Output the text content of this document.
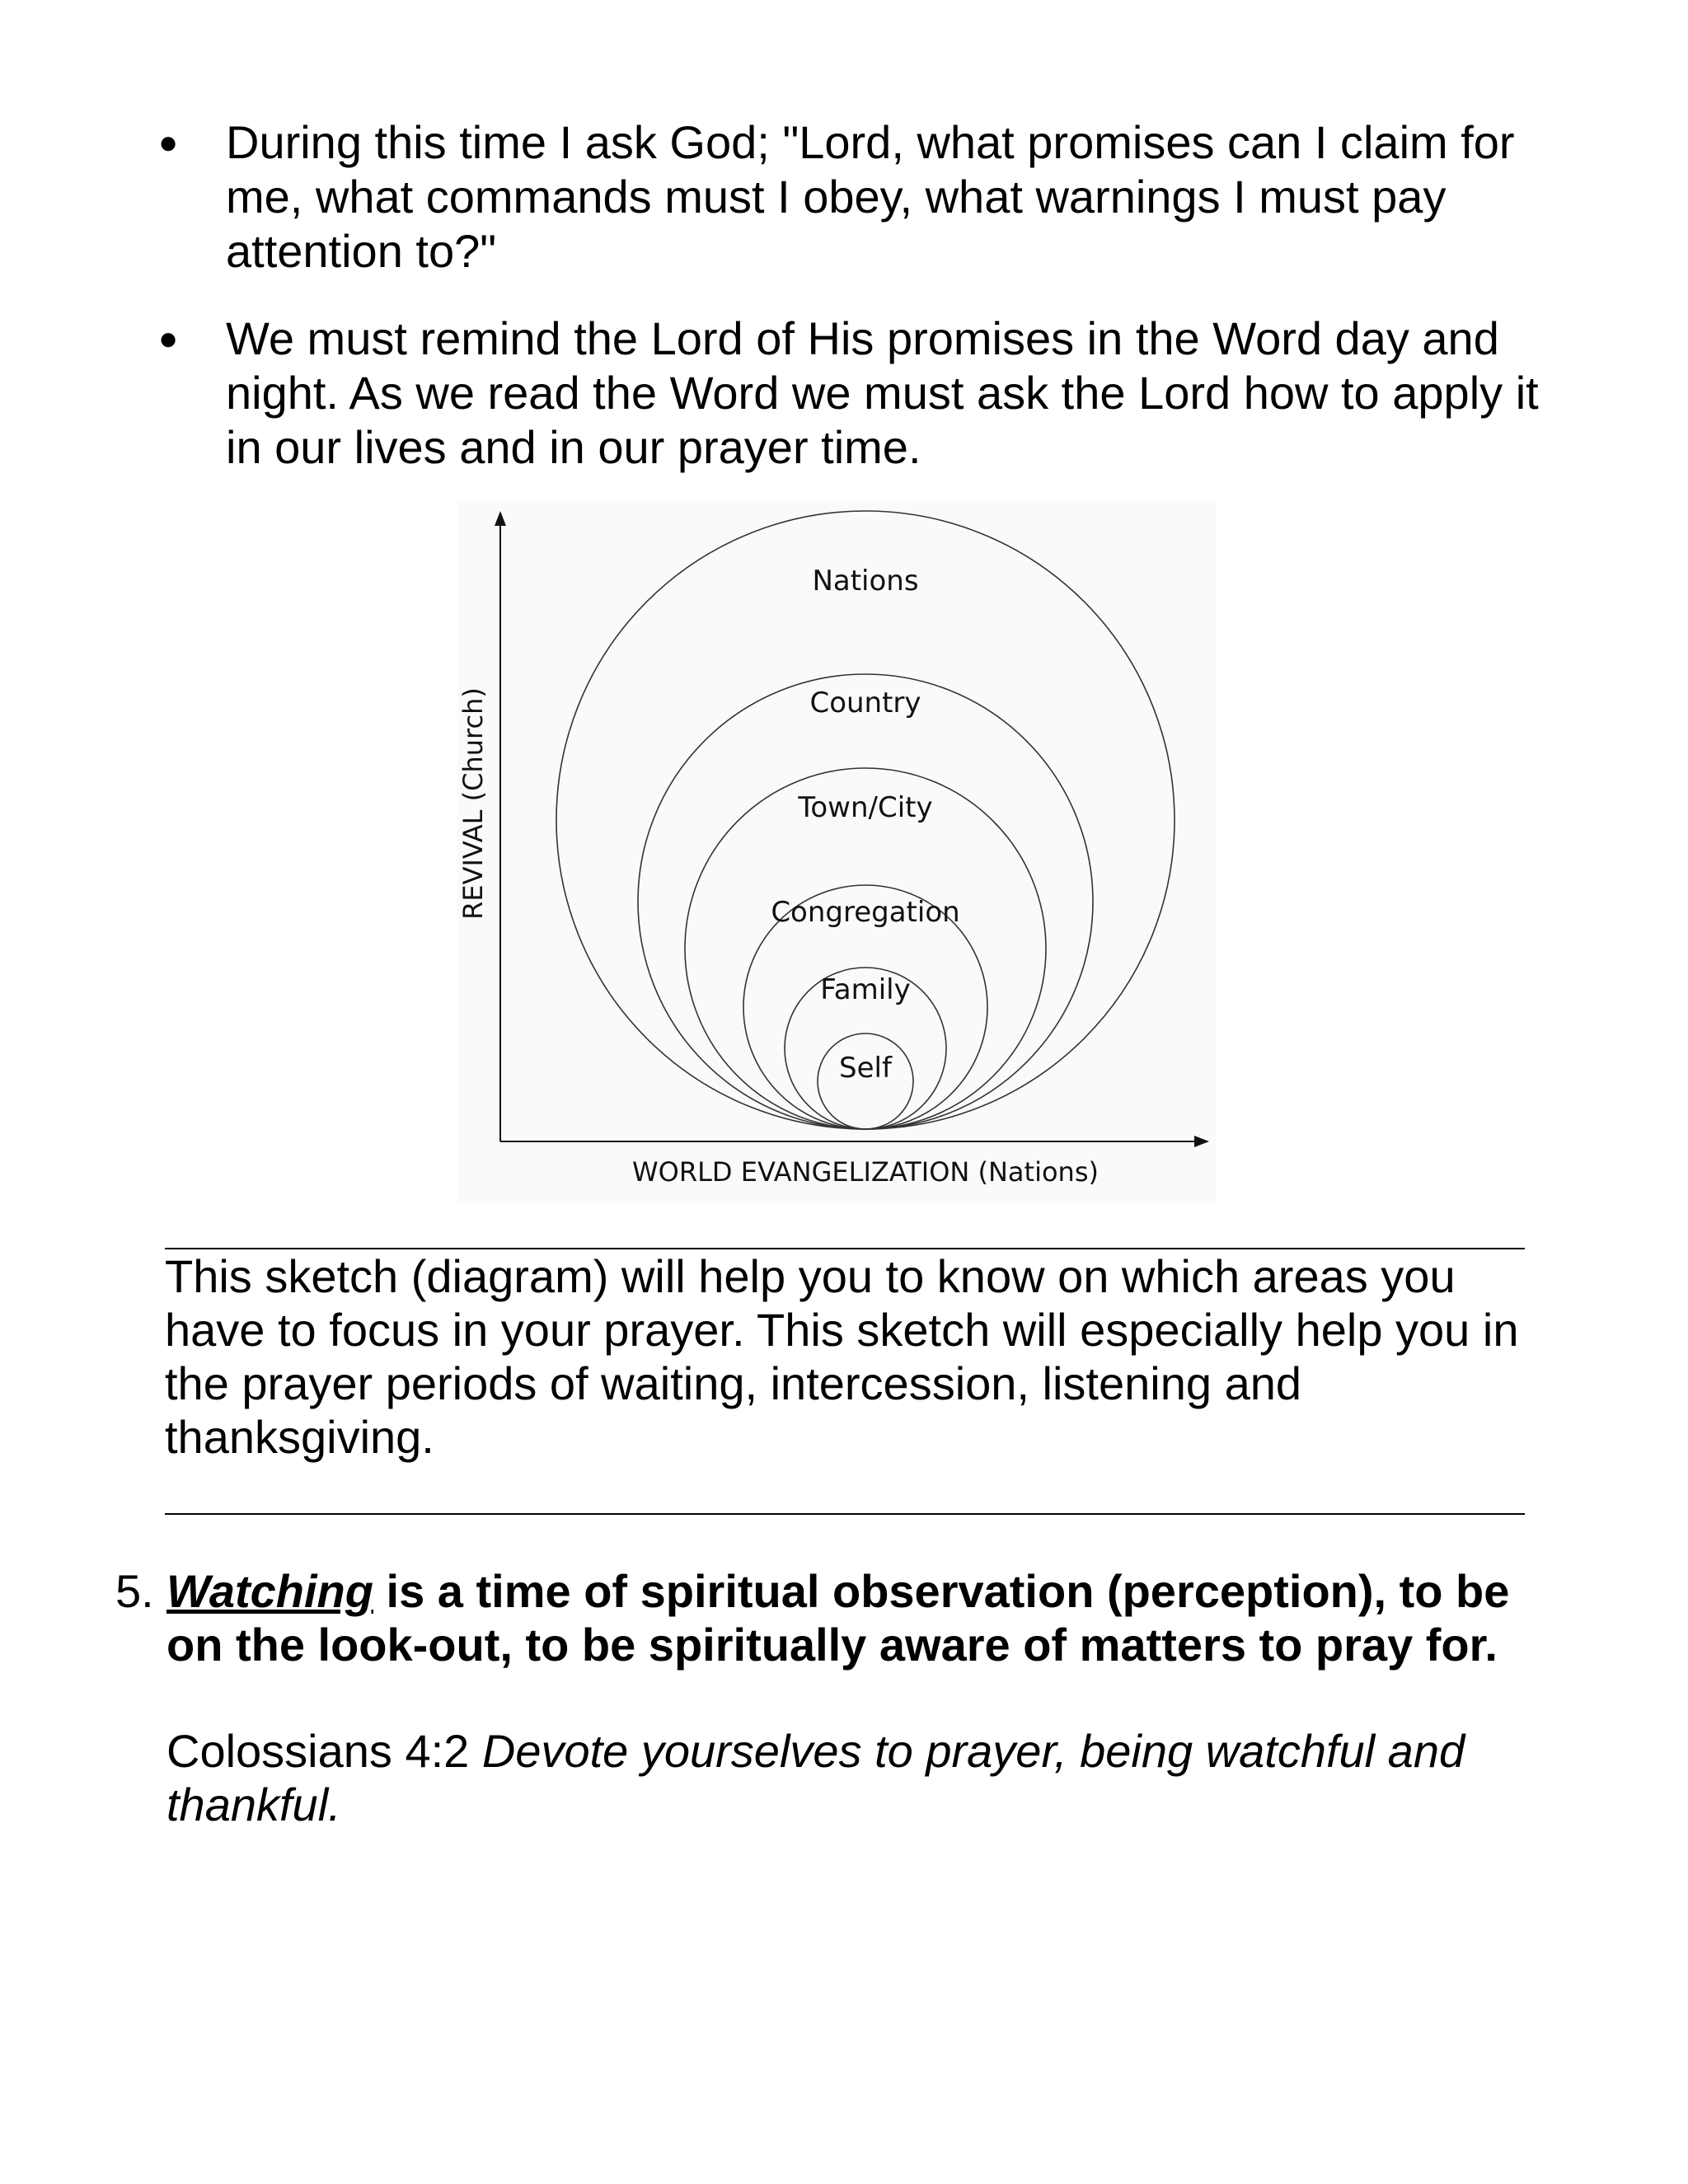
● During this time I ask God; "Lord, what promises can I claim for me, what commands must I obey, what warnings I must pay attention to?"
● We must remind the Lord of His promises in the Word day and night. As we read the Word we must ask the Lord how to apply it in our lives and in our prayer time.
Nations
Country
Town/City
Congregation
Family
Self
REVIVAL (Church)
WORLD EVANGELIZATION (Nations)

This sketch (diagram) will help you to know on which areas you have to focus in your prayer. This sketch will especially help you in the prayer periods of waiting, intercession, listening and thanksgiving.

5. Watching is a time of spiritual observation (perception), to be on the look-out, to be spiritually aware of matters to pray for.

Colossians 4:2 Devote yourselves to prayer, being watchful and thankful.
